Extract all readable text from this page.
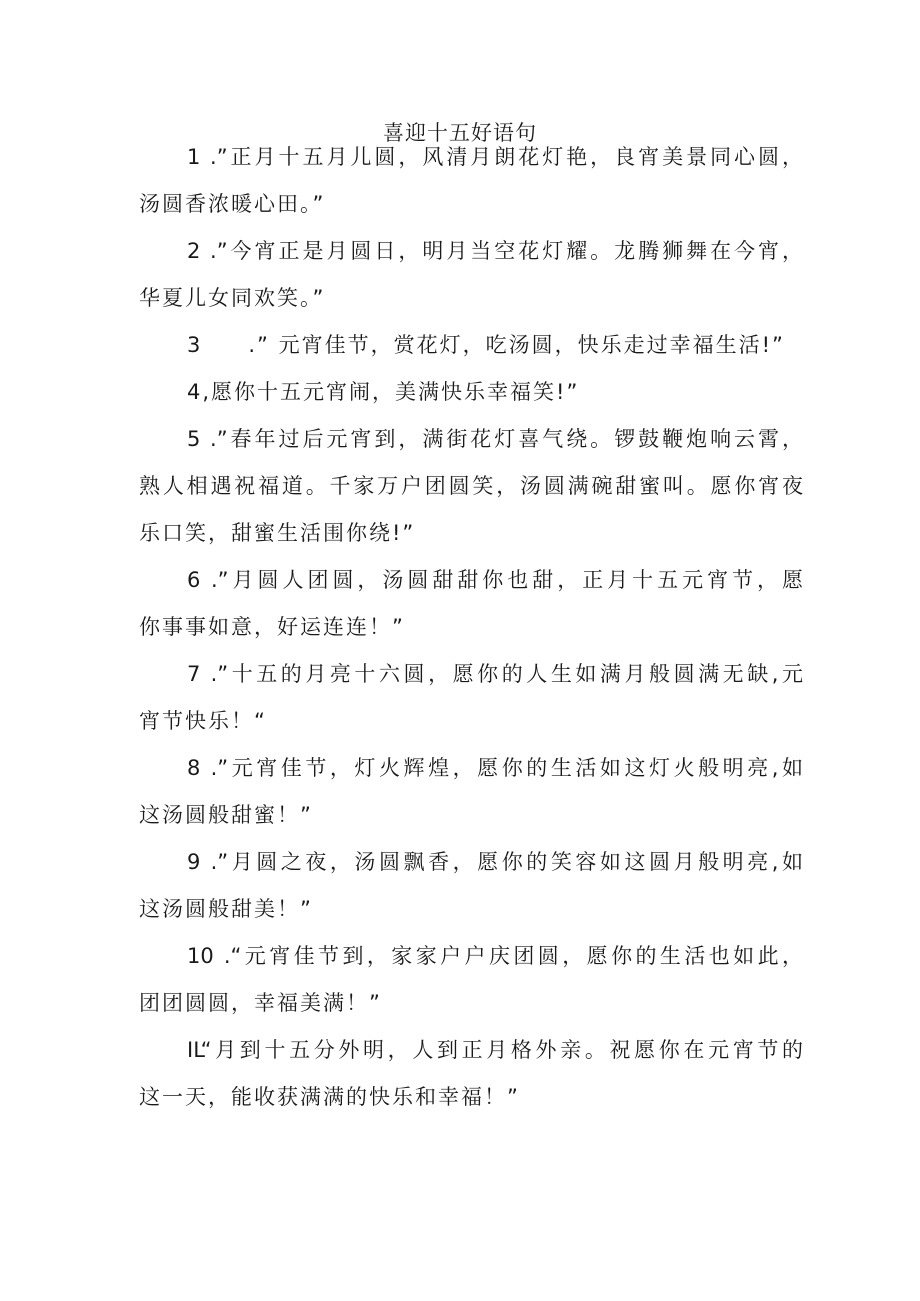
喜迎十五好语句
1 .”正月十五月儿圆，风清月朗花灯艳，良宵美景同心圆，
汤圆香浓暖心田。”
2 .”今宵正是月圆日，明月当空花灯耀。龙腾狮舞在今宵，
华夏儿女同欢笑。”
3　　.” 元宵佳节，赏花灯，吃汤圆，快乐走过幸福生活!”
4,愿你十五元宵闹，美满快乐幸福笑!”
5 .”春年过后元宵到，满街花灯喜气绕。锣鼓鞭炮响云霄，
熟人相遇祝福道。千家万户团圆笑，汤圆满碗甜蜜叫。愿你宵夜
乐口笑，甜蜜生活围你绕!”
6 .”月圆人团圆，汤圆甜甜你也甜，正月十五元宵节，愿
你事事如意，好运连连！”
7 .”十五的月亮十六圆，愿你的人生如满月般圆满无缺,元
宵节快乐！“
8 .”元宵佳节，灯火辉煌，愿你的生活如这灯火般明亮,如
这汤圆般甜蜜！”
9 .”月圆之夜，汤圆飘香，愿你的笑容如这圆月般明亮,如
这汤圆般甜美！”
10 .“元宵佳节到，家家户户庆团圆，愿你的生活也如此，
团团圆圆，幸福美满！”
IL“月到十五分外明，人到正月格外亲。祝愿你在元宵节的
这一天，能收获满满的快乐和幸福！”
